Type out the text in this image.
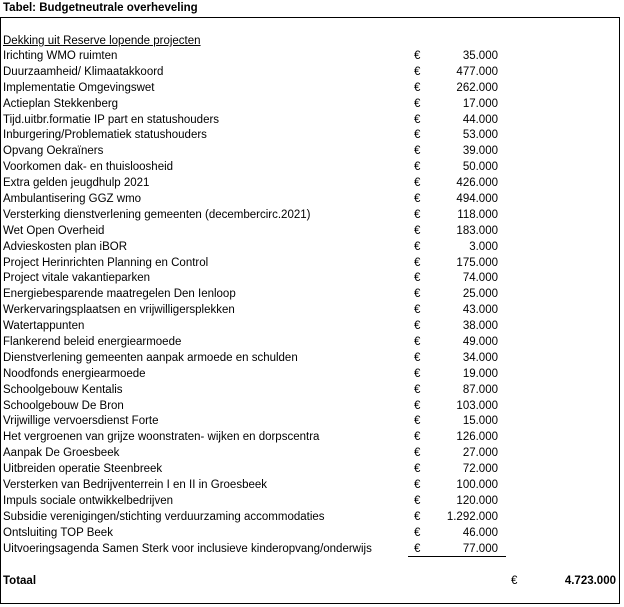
Tabel: Budgetneutrale overheveling
Dekking uit Reserve lopende projecten
Irichting WMO ruimten	€	35.000
Duurzaamheid/ Klimaatakkoord	€	477.000
Implementatie Omgevingswet	€	262.000
Actieplan Stekkenberg	€	17.000
Tijd.uitbr.formatie IP part en statushouders	€	44.000
Inburgering/Problematiek statushouders	€	53.000
Opvang Oekraïners	€	39.000
Voorkomen dak- en thuisloosheid	€	50.000
Extra gelden jeugdhulp 2021	€	426.000
Ambulantisering GGZ wmo	€	494.000
Versterking dienstverlening gemeenten (decembercirc.2021)	€	118.000
Wet Open Overheid	€	183.000
Advieskosten plan iBOR	€	3.000
Project Herinrichten Planning en Control	€	175.000
Project vitale vakantieparken	€	74.000
Energiebesparende maatregelen Den Ienloop	€	25.000
Werkervaringsplaatsen en vrijwilligersplekken	€	43.000
Watertappunten	€	38.000
Flankerend beleid energiearmoede	€	49.000
Dienstverlening gemeenten aanpak armoede en schulden	€	34.000
Noodfonds energiearmoede	€	19.000
Schoolgebouw Kentalis	€	87.000
Schoolgebouw De Bron	€	103.000
Vrijwillige vervoersdienst Forte	€	15.000
Het vergroenen van grijze woonstraten- wijken en dorpscentra	€	126.000
Aanpak De Groesbeek	€	27.000
Uitbreiden operatie Steenbreek	€	72.000
Versterken van Bedrijventerrein I en II in Groesbeek	€	100.000
Impuls sociale ontwikkelbedrijven	€	120.000
Subsidie verenigingen/stichting verduurzaming accommodaties	€ 1.292.000
Ontsluiting TOP Beek	€	46.000
Uitvoeringsagenda Samen Sterk voor inclusieve kinderopvang/onderwijs	€	77.000
Totaal	€	4.723.000
